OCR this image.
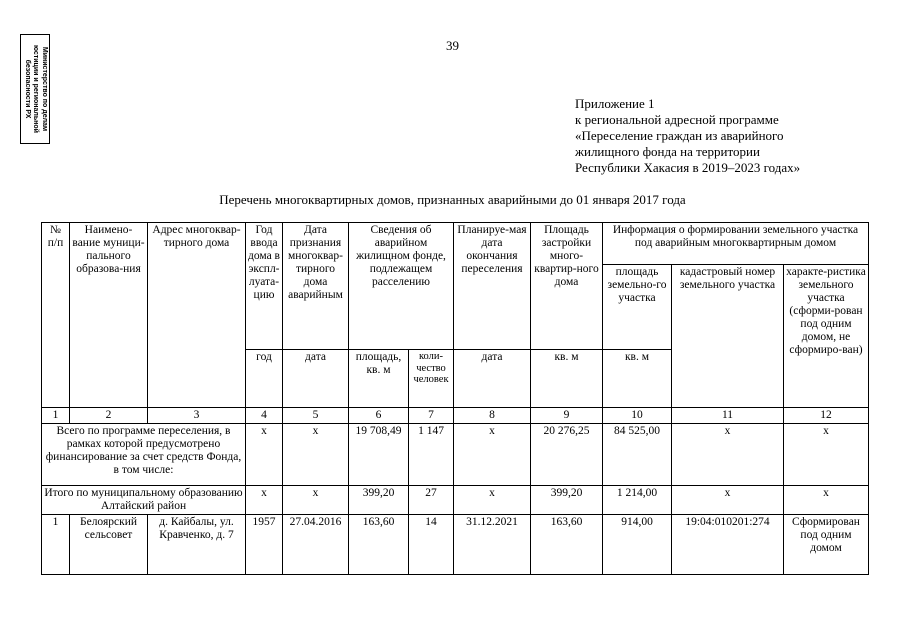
Министерство по делам
юстиции и региональной
безопасности РХ
39
Приложение 1
к региональной адресной программе
«Переселение граждан из аварийного
жилищного фонда на территории
Республики Хакасия в 2019–2023 годах»
Перечень многоквартирных домов, признанных аварийными до 01 января 2017 года
№ п/п	Наимено-вание муници-пального образова-ния	Адрес многоквар-тирного дома	Год ввода дома в экспл-луата-цию	Дата признания многоквар-тирного дома аварийным	Сведения об аварийном жилищном фонде, подлежащем расселению		Планируе-мая дата окончания переселения	Площадь застройки много-квартир-ного дома	Информация о формировании земельного участка под аварийным многоквартирным домом		
									площадь земельно-го участка	кадастровый номер земельного участка	характе-ристика земельного участка (сформи-рован под одним домом, не сформиро-ван)
			год	дата	площадь, кв. м	коли-чество человек	дата	кв. м	кв. м		
1	2	3	4	5	6	7	8	9	10	11	12
Всего по программе переселения, в рамках которой предусмотрено финансирование за счет средств Фонда, в том числе:			х	х	19 708,49	1 147	х	20 276,25	84 525,00	х	х
Итого по муниципальному образованию Алтайский район			х	х	399,20	27	х	399,20	1 214,00	х	х
1	Белоярский сельсовет	д. Кайбалы, ул. Кравченко, д. 7	1957	27.04.2016	163,60	14	31.12.2021	163,60	914,00	19:04:010201:274	Сформирован под одним домом
